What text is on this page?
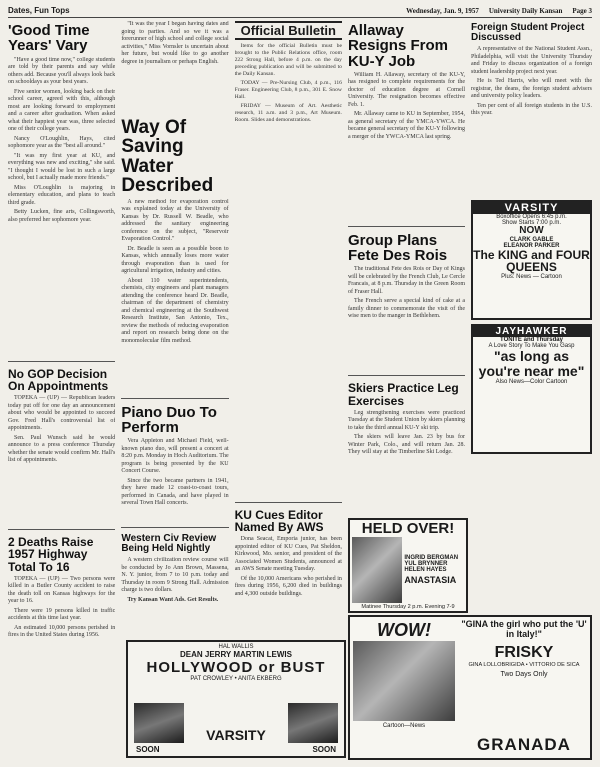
Dates, Fun Tops	Wednesday, Jan. 9, 1957 University Daily Kansan Page 3
'Good Time Years' Vary

"Have a good time now," college students are told by their parents and say while others add. Because you'll always look back on schooldays as your best years.

Five senior women, looking back on their school career, agreed with this, although most are looking forward to employment and a career after graduation. When asked what their happiest year was, three selected one of their college years.

Nancy O'Loughlin, Hays, cited sophomore year as the "best all around."

"It was my first year at KU, and everything was new and exciting," she said. "I thought I would be lost in such a large school, but I actually made more friends."

Miss O'Loughlin is majoring in elementary education, and plans to teach third grade.

Betty Lucken, fine arts, Collingsworth, also preferred her sophomore year.

No GOP Decision On Appointments

TOPEKA — (UP) — Republican leaders today put off for one day an announcement about who would be appointed to succeed Gov. Fred Hall's controversial list of appointments.

Sen. Paul Wunsch said he would announce to a press conference Thursday whether the senate would confirm Mr. Hall's list of appointments.

2 Deaths Raise 1957 Highway Total To 16

TOPEKA — (UP) — Two persons were killed in a Butler County accident to raise the death toll on Kansas highways for the year to 16.

There were 19 persons killed in traffic accidents at this time last year.

An estimated 10,000 persons perished in fires in the United States during 1956.

"It was the year I began having dates and going to parties. And so we it was a forerunner of high school and college social activities," Miss Vornsler is uncertain about her future, but would like to go another degree in journalism or perhaps English.

Way Of Saving Water Described

A new method for evaporation control was explained today at the University of Kansas by Dr. Russell W. Beadle, who addressed the sanitary engineering conference on the subject, "Reservoir Evaporation Control."

Dr. Beadle is seen as a possible boon to Kansas, which annually loses more water through evaporation than is used for agricultural irrigation, industry and cities.

About 110 water superintendents, chemists, city engineers and plant managers attending the conference heard Dr. Beadle, chairman of the department of chemistry and chemical engineering at the Southwest Research Institute, San Antonio, Tex., review the methods of reducing evaporation and report on research being done on the monomolecular film method.

Piano Duo To Perform

Vera Appleton and Michael Field, well-known piano duo, will present a concert at 8:20 p.m. Monday in Hoch Auditorium. The program is being presented by the KU Concert Course.

Since the two became partners in 1941, they have made 12 coast-to-coast tours, performed in Canada, and have played in several Town Hall concerts.

Western Civ Review Being Held Nightly

A western civilization review course will be conducted by Jo Ann Brown, Massena, N. Y. junior, from 7 to 10 p.m. today and Thursday in room 9 Strong Hall. Admission charge is two dollars.

Try Kansan Want Ads. Get Results.

Official Bulletin

Items for the official Bulletin must be brought to the Public Relations office, room 222 Strong Hall, before 4 p.m. on the day preceding publication and will be submitted to the Daily Kansan.

TODAY — Pre-Nursing Club, 4 p.m., 116 Fraser. Engineering Club, 8 p.m., 301 E. Snow Hall.

FRIDAY — Museum of Art. Aesthetic research, 11 a.m. and 3 p.m., Art Museum. Room. Slides and demonstrations.

KU Cues Editor Named By AWS

Dona Seacat, Emporia junior, has been appointed editor of KU Cues, Pat Sheldon, Kirkwood, Mo. senior, and president of the Associated Women Students, announced at an AWS Senate meeting Tuesday.

Of the 10,000 Americans who perished in fires during 1956, 6,200 died in buildings and 4,300 outside buildings.

Allaway Resigns From KU-Y Job

William H. Allaway, secretary of the KU-Y, has resigned to complete requirements for the doctor of education degree at Cornell University. The resignation becomes effective Feb. 1.

Mr. Allaway came to KU in September, 1954, as general secretary of the YMCA-YWCA. He became general secretary of the KU-Y following a merger of the YWCA-YMCA last spring.

Group Plans Fete Des Rois

The traditional Fete des Rois or Day of Kings will be celebrated by the French Club, Le Cercle Francais, at 8 p.m. Thursday in the Green Room of Fraser Hall.

The French serve a special kind of cake at a family dinner to commemorate the visit of the wise men to the manger in Bethlehem.

Skiers Practice Leg Exercises

Leg strengthening exercises were practiced Tuesday at the Student Union by skiers planning to take the third annual KU-Y ski trip.

The skiers will leave Jan. 23 by bus for Winter Park, Colo., and will return Jan. 28. They will stay at the Timberline Ski Lodge.

Foreign Student Project Discussed

A representative of the National Student Assn., Philadelphia, will visit the University Thursday and Friday to discuss organization of a foreign student leadership project next year.

He is Ted Harris, who will meet with the registrar, the deans, the foreign student advisers and university policy leaders.

Ten per cent of all foreign students in the U.S. this year.

VARSITY
Boxoffice Opens 6:45 p.m.
Show Starts 7:00 p.m.
NOW
CLARK GABLE
ELEANOR PARKER
The KING and FOUR QUEENS
Plus: News — Cartoon
JAYHAWKER
TONITE and Thursday
A Love Story To Make You Gasp
"as long as you're near me"
Also News—Color Cartoon
HAL WALLIS
DEAN JERRY MARTIN LEWIS
HOLLYWOOD or BUST
PAT CROWLEY • ANITA EKBERG
VARSITY
SOON	SOON
HELD OVER!
INGRID BERGMAN
YUL BRYNNER
HELEN HAYES
ANASTASIA
Matinee Thursday 2 p.m. Evening 7-9
WOW!
Cartoon—News
"GINA the girl who put the 'U' in Italy!"
FRISKY
GINA LOLLOBRIGIDA • VITTORIO DE SICA
Two Days Only
GRANADA
